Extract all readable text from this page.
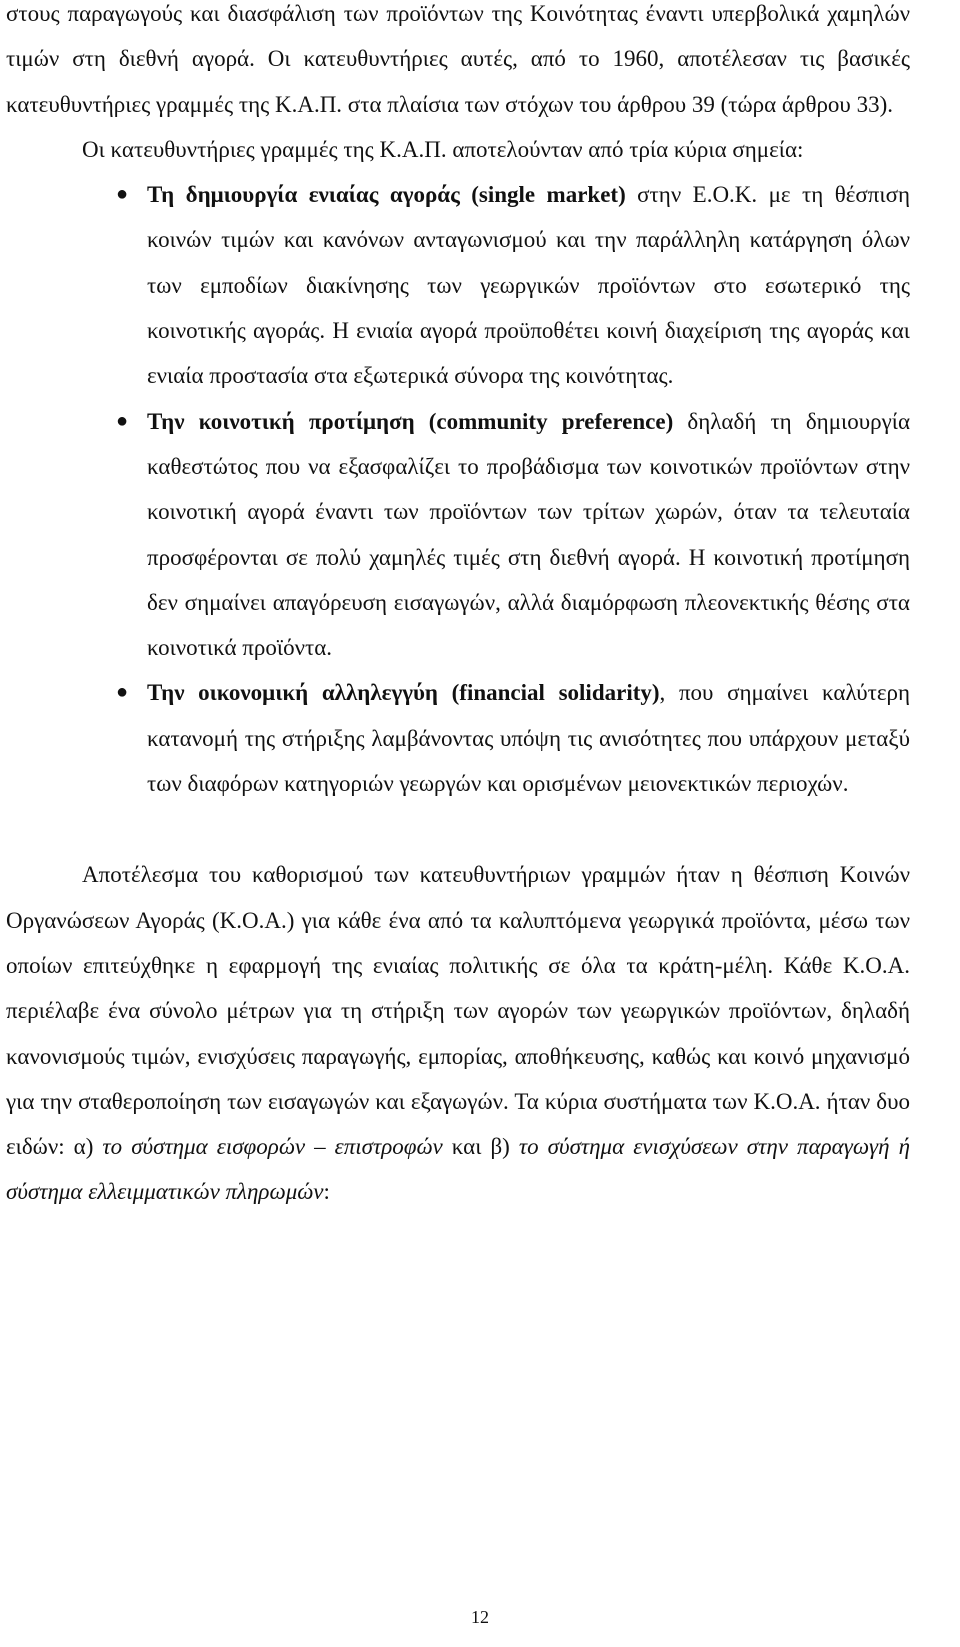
στους παραγωγούς και διασφάλιση των προϊόντων της Κοινότητας έναντι υπερβολικά χαμηλών τιμών στη διεθνή αγορά. Οι κατευθυντήριες αυτές, από το 1960, αποτέλεσαν τις βασικές κατευθυντήριες γραμμές της Κ.Α.Π. στα πλαίσια των στόχων του άρθρου 39 (τώρα άρθρου 33).

Οι κατευθυντήριες γραμμές της Κ.Α.Π. αποτελούνταν από τρία κύρια σημεία:

● Τη δημιουργία ενιαίας αγοράς (single market) στην Ε.Ο.Κ. με τη θέσπιση κοινών τιμών και κανόνων ανταγωνισμού και την παράλληλη κατάργηση όλων των εμποδίων διακίνησης των γεωργικών προϊόντων στο εσωτερικό της κοινοτικής αγοράς. Η ενιαία αγορά προϋποθέτει κοινή διαχείριση της αγοράς και ενιαία προστασία στα εξωτερικά σύνορα της κοινότητας.
● Την κοινοτική προτίμηση (community preference) δηλαδή τη δημιουργία καθεστώτος που να εξασφαλίζει το προβάδισμα των κοινοτικών προϊόντων στην κοινοτική αγορά έναντι των προϊόντων των τρίτων χωρών, όταν τα τελευταία προσφέρονται σε πολύ χαμηλές τιμές στη διεθνή αγορά. Η κοινοτική προτίμηση δεν σημαίνει απαγόρευση εισαγωγών, αλλά διαμόρφωση πλεονεκτικής θέσης στα κοινοτικά προϊόντα.
● Την οικονομική αλληλεγγύη (financial solidarity), που σημαίνει καλύτερη κατανομή της στήριξης λαμβάνοντας υπόψη τις ανισότητες που υπάρχουν μεταξύ των διαφόρων κατηγοριών γεωργών και ορισμένων μειονεκτικών περιοχών.

Αποτέλεσμα του καθορισμού των κατευθυντήριων γραμμών ήταν η θέσπιση Κοινών Οργανώσεων Αγοράς (Κ.Ο.Α.) για κάθε ένα από τα καλυπτόμενα γεωργικά προϊόντα, μέσω των οποίων επιτεύχθηκε η εφαρμογή της ενιαίας πολιτικής σε όλα τα κράτη-μέλη. Κάθε Κ.Ο.Α. περιέλαβε ένα σύνολο μέτρων για τη στήριξη των αγορών των γεωργικών προϊόντων, δηλαδή κανονισμούς τιμών, ενισχύσεις παραγωγής, εμπορίας, αποθήκευσης, καθώς και κοινό μηχανισμό για την σταθεροποίηση των εισαγωγών και εξαγωγών. Τα κύρια συστήματα των Κ.Ο.Α. ήταν δυο ειδών: α) το σύστημα εισφορών – επιστροφών και β) το σύστημα ενισχύσεων στην παραγωγή ή σύστημα ελλειμματικών πληρωμών:

12
